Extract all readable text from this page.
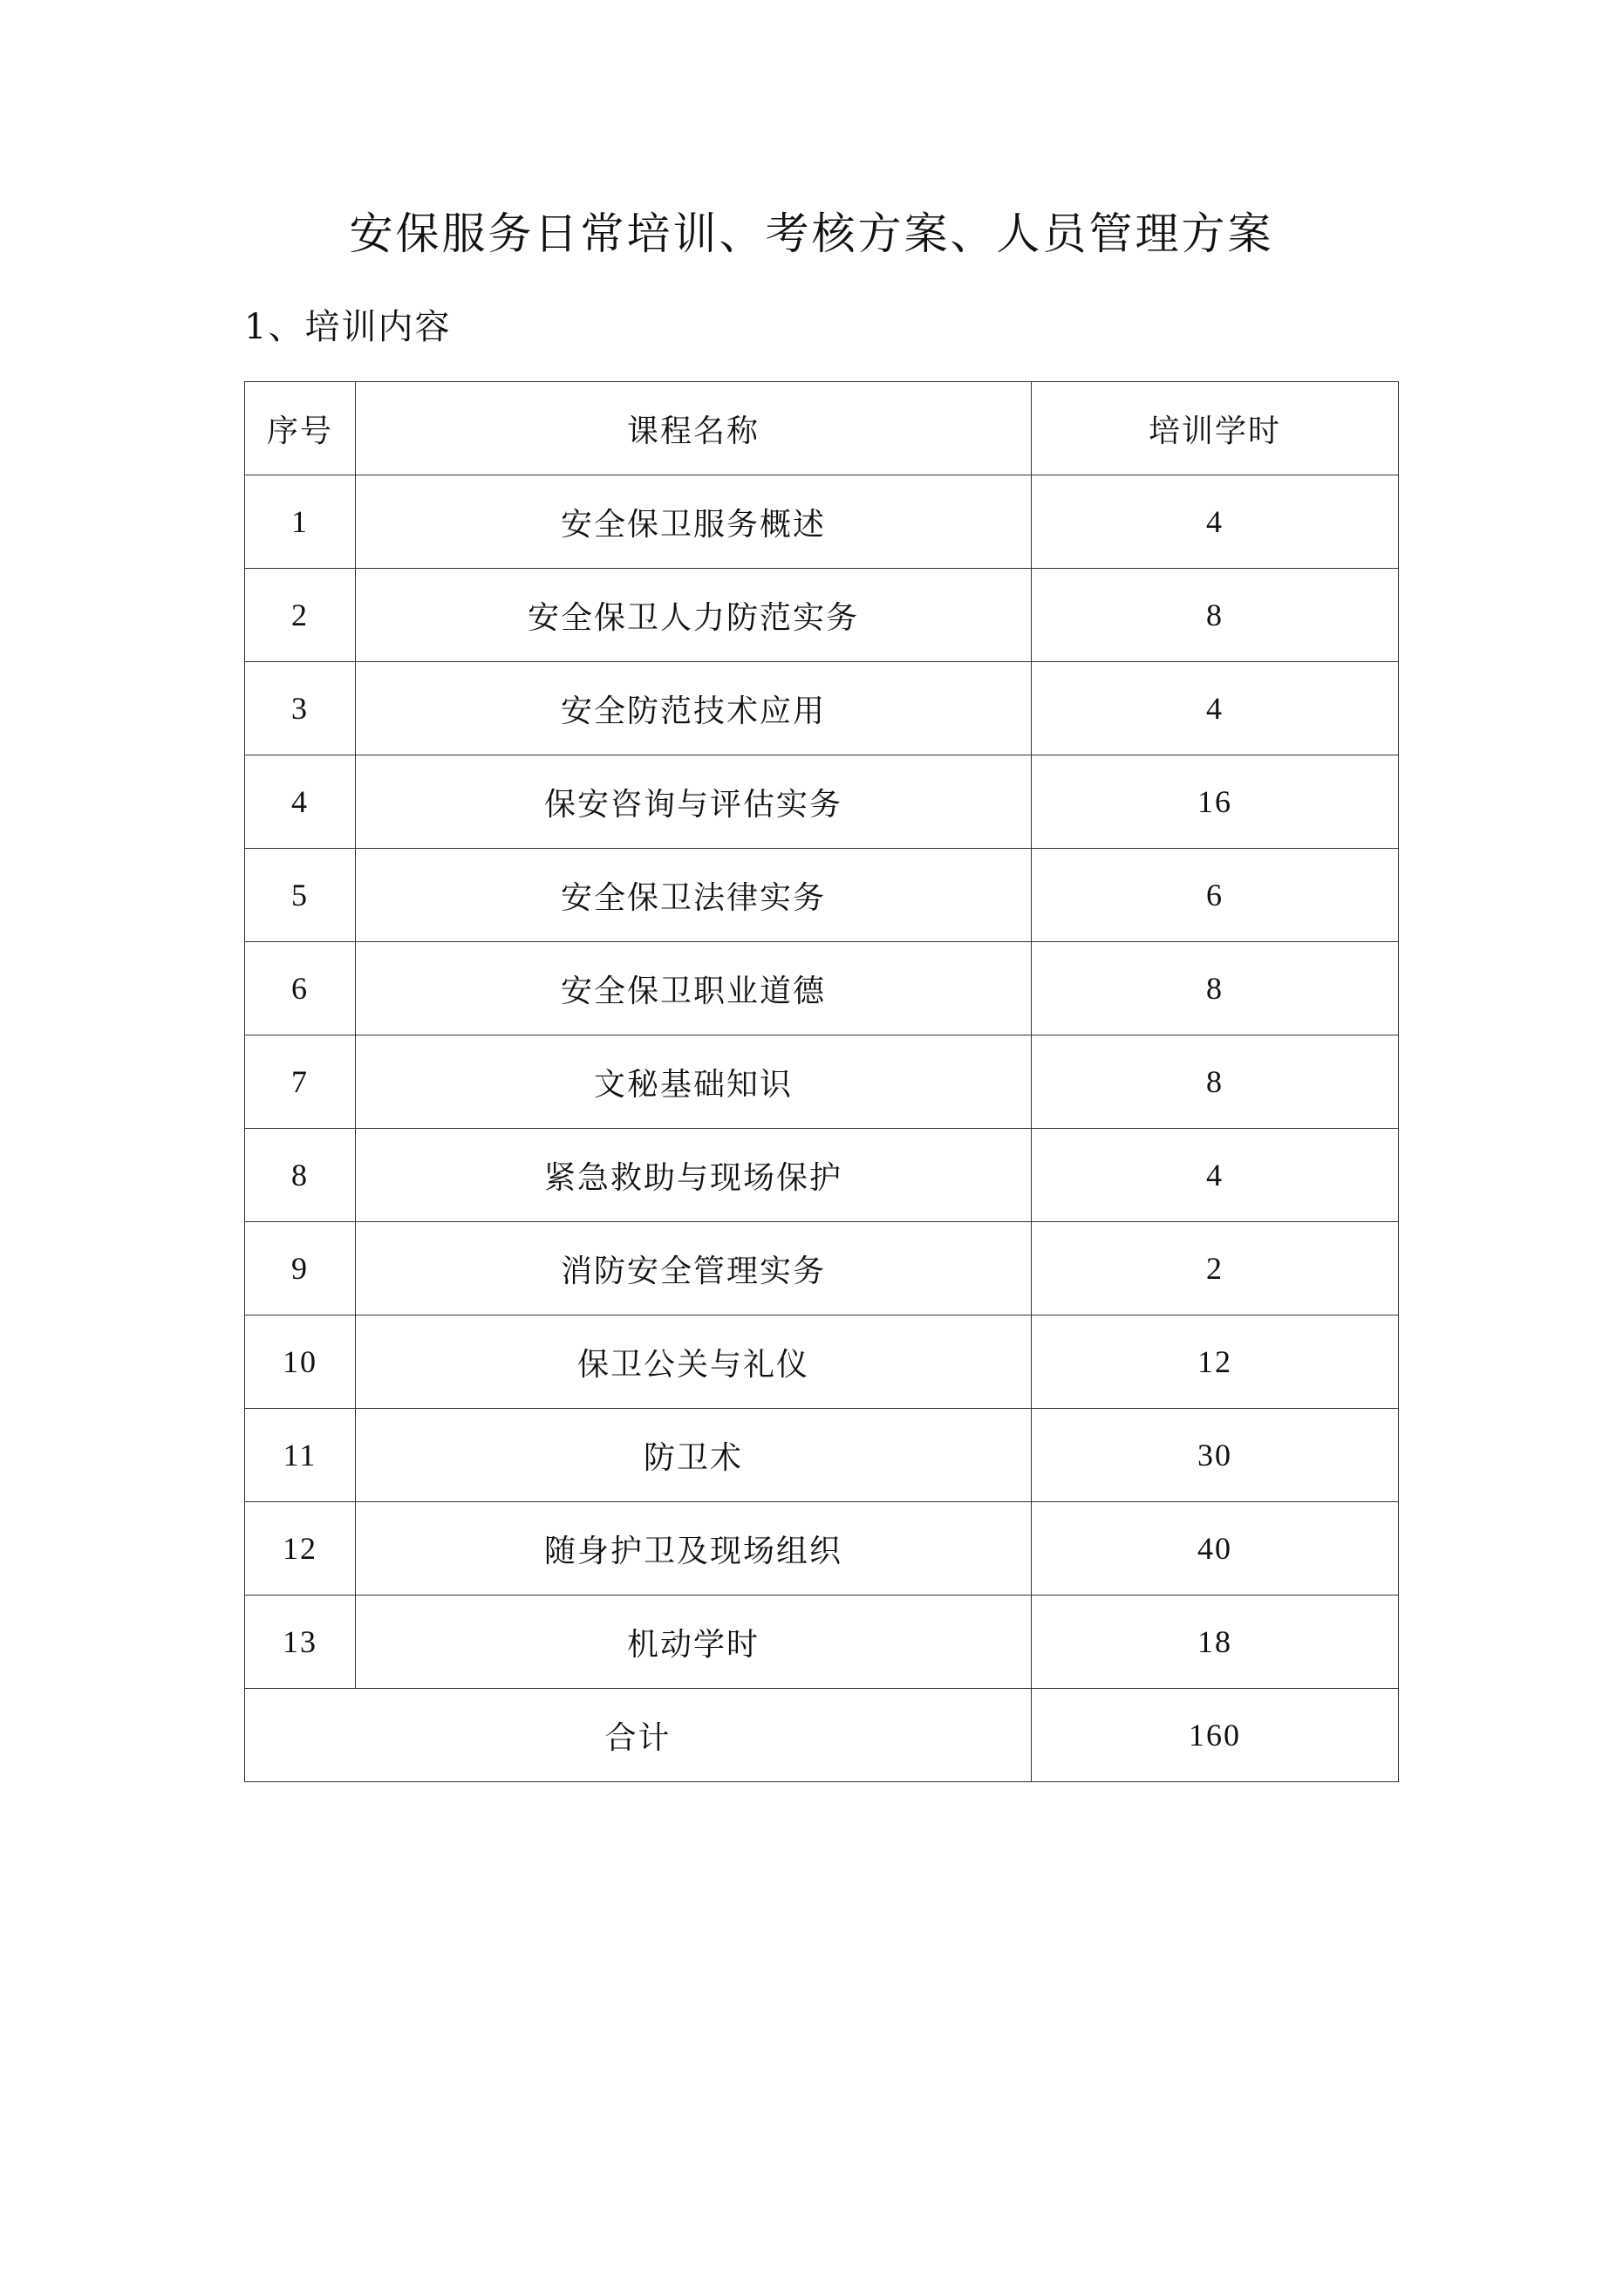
安保服务日常培训、考核方案、人员管理方案
1、培训内容
序号	课程名称	培训学时
1	安全保卫服务概述	4
2	安全保卫人力防范实务	8
3	安全防范技术应用	4
4	保安咨询与评估实务	16
5	安全保卫法律实务	6
6	安全保卫职业道德	8
7	文秘基础知识	8
8	紧急救助与现场保护	4
9	消防安全管理实务	2
10	保卫公关与礼仪	12
11	防卫术	30
12	随身护卫及现场组织	40
13	机动学时	18
合计		160
